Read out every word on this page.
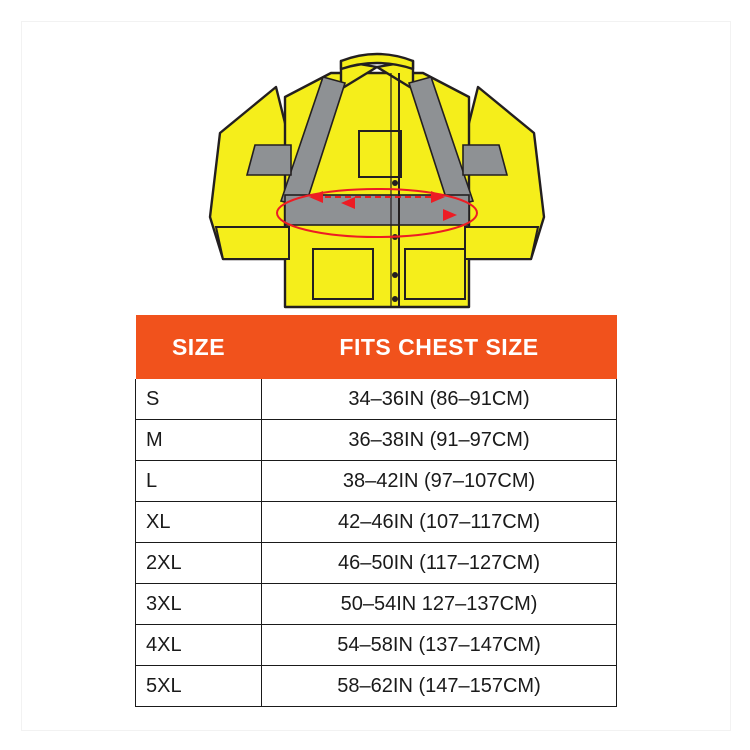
SIZE	FITS CHEST SIZE
S	34–36IN (86–91CM)
M	36–38IN (91–97CM)
L	38–42IN (97–107CM)
XL	42–46IN (107–117CM)
2XL	46–50IN (117–127CM)
3XL	50–54IN 127–137CM)
4XL	54–58IN (137–147CM)
5XL	58–62IN (147–157CM)
